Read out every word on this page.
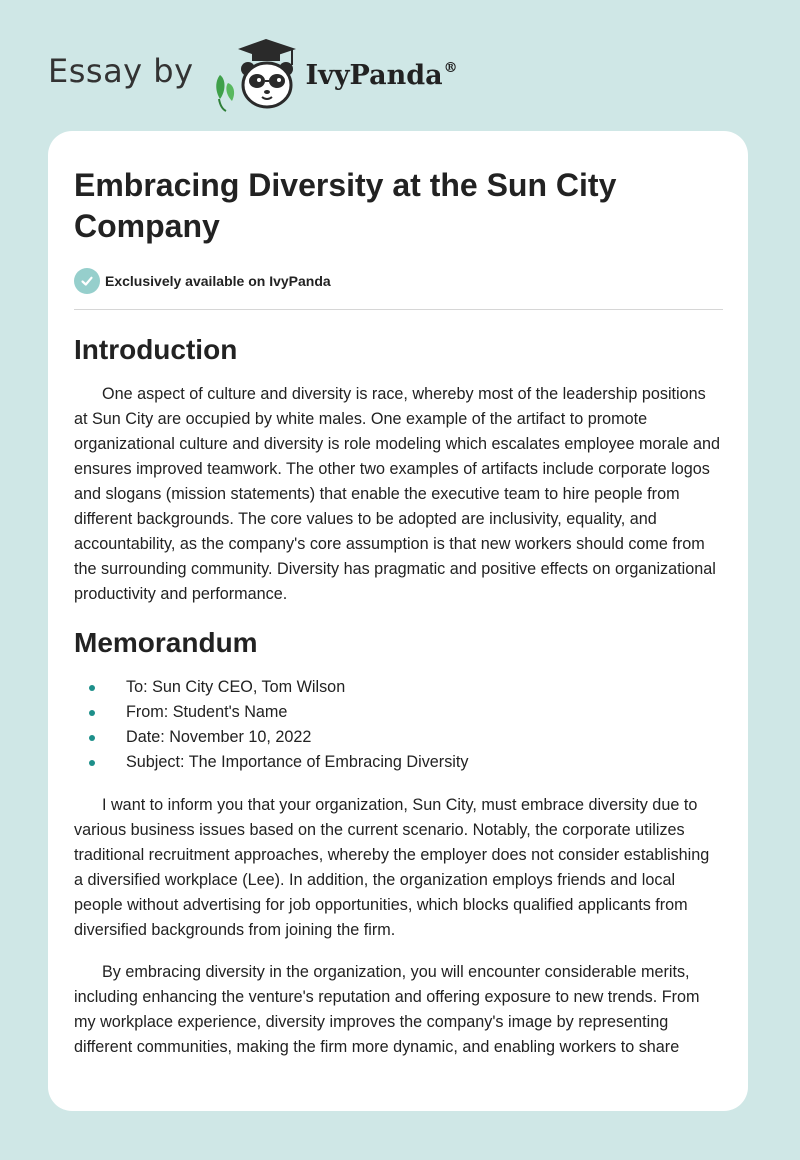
Essay by	IvyPanda®
Embracing Diversity at the Sun City Company
Exclusively available on IvyPanda
Introduction

One aspect of culture and diversity is race, whereby most of the leadership positions at Sun City are occupied by white males. One example of the artifact to promote organizational culture and diversity is role modeling which escalates employee morale and ensures improved teamwork. The other two examples of artifacts include corporate logos and slogans (mission statements) that enable the executive team to hire people from different backgrounds. The core values to be adopted are inclusivity, equality, and accountability, as the company's core assumption is that new workers should come from the surrounding community. Diversity has pragmatic and positive effects on organizational productivity and performance.

Memorandum
To: Sun City CEO, Tom Wilson
From: Student's Name
Date: November 10, 2022
Subject: The Importance of Embracing Diversity

I want to inform you that your organization, Sun City, must embrace diversity due to various business issues based on the current scenario. Notably, the corporate utilizes traditional recruitment approaches, whereby the employer does not consider establishing a diversified workplace (Lee). In addition, the organization employs friends and local people without advertising for job opportunities, which blocks qualified applicants from diversified backgrounds from joining the firm.

By embracing diversity in the organization, you will encounter considerable merits, including enhancing the venture's reputation and offering exposure to new trends. From my workplace experience, diversity improves the company's image by representing different communities, making the firm more dynamic, and enabling workers to share
